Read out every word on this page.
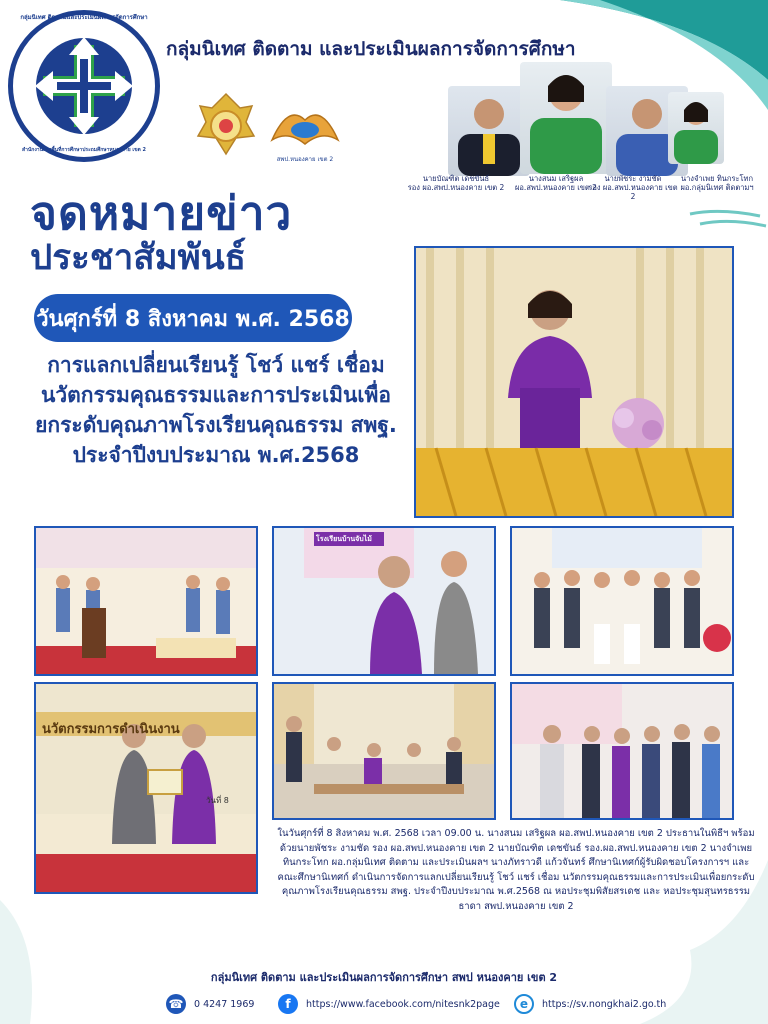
กลุ่มนิเทศ ติดตามและประเมินผลการจัดการศึกษา
สำนักงานเขตพื้นที่การศึกษาประถมศึกษาหนองคาย เขต 2
กลุ่มนิเทศ ติดตาม และประเมินผลการจัดการศึกษา
สพป.หนองคาย เขต 2
นายบัณฑิต เดชขันธ์
รอง ผอ.สพป.หนองคาย เขต 2
นางสนม เสริฐผล
ผอ.สพป.หนองคาย เขต 2
นายพัชระ งามชัด
รอง ผอ.สพป.หนองคาย เขต 2
นางจำเพย ทินกระโทก
ผอ.กลุ่มนิเทศ ติดตามฯ
จดหมายข่าว
ประชาสัมพันธ์
วันศุกร์ที่ 8 สิงหาคม พ.ศ. 2568
การแลกเปลี่ยนเรียนรู้ โชว์ แชร์ เชื่อม นวัตกรรมคุณธรรมและการประเมินเพื่อยกระดับคุณภาพโรงเรียนคุณธรรม สพฐ. ประจำปีงบประมาณ พ.ศ.2568
โรงเรียนบ้านจับไม้
นวัตกรรมการดำเนินงาน
วันที่ 8
ในวันศุกร์ที่ 8 สิงหาคม พ.ศ. 2568 เวลา 09.00 น. นางสนม เสริฐผล ผอ.สพป.หนองคาย เขต 2 ประธานในพิธีฯ พร้อมด้วยนายพัชระ งามชัด รอง ผอ.สพป.หนองคาย เขต 2 นายบัณฑิต เดชขันธ์ รอง.ผอ.สพป.หนองคาย เขต 2 นางจำเพย ทินกระโทก ผอ.กลุ่มนิเทศ ติดตาม และประเมินผลฯ นางภัทราวดี แก้วจันทร์ ศึกษานิเทศก์ผู้รับผิดชอบโครงการฯ และคณะศึกษานิเทศก์ ดำเนินการจัดการแลกเปลี่ยนเรียนรู้ โชว์ แชร์ เชื่อม นวัตกรรมคุณธรรมและการประเมินเพื่อยกระดับคุณภาพโรงเรียนคุณธรรม สพฐ. ประจำปีงบประมาณ พ.ศ.2568 ณ หอประชุมพิสัยสรเดช และ หอประชุมสุนทรธรรมธาดา สพป.หนองคาย เขต 2
กลุ่มนิเทศ ติดตาม และประเมินผลการจัดการศึกษา สพป หนองคาย เขต 2
☎ 0 4247 1969	f	https://www.facebook.com/nitesnk2page	e	https://sv.nongkhai2.go.th
